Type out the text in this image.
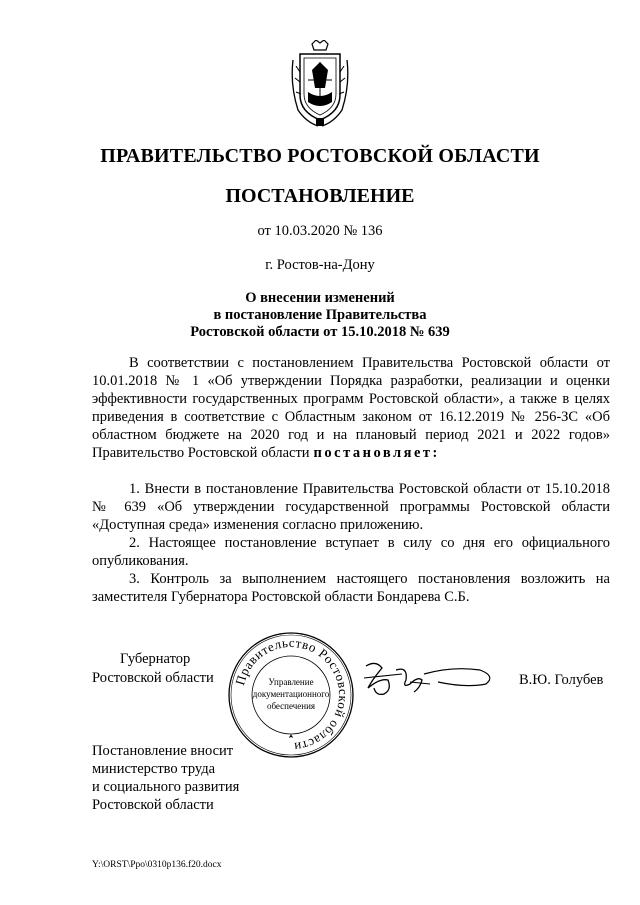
ПРАВИТЕЛЬСТВО РОСТОВСКОЙ ОБЛАСТИ
ПОСТАНОВЛЕНИЕ
от 10.03.2020 № 136
г. Ростов-на-Дону
О внесении изменений
в постановление Правительства
Ростовской области от 15.10.2018 № 639

В соответствии с постановлением Правительства Ростовской области от 10.01.2018 № 1 «Об утверждении Порядка разработки, реализации и оценки эффективности государственных программ Ростовской области», а также в целях приведения в соответствие с Областным законом от 16.12.2019 № 256-ЗС «Об областном бюджете на 2020 год и на плановый период 2021 и 2022 годов» Правительство Ростовской области постановляет:

1. Внести в постановление Правительства Ростовской области от 15.10.2018 № 639 «Об утверждении государственной программы Ростовской области «Доступная среда» изменения согласно приложению.

2. Настоящее постановление вступает в силу со дня его официального опубликования.

3. Контроль за выполнением настоящего постановления возложить на заместителя Губернатора Ростовской области Бондарева С.Б.

Губернатор
Ростовской области Правительство Ростовской области
Управление
документационного
обеспечения
В.Ю. Голубев
Постановление вносит
министерство труда
и социального развития
Ростовской области
Y:\ORST\Ppo\0310p136.f20.docx
